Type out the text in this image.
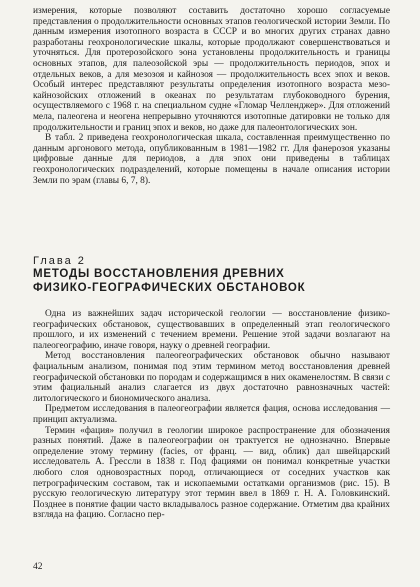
измерения, которые позволяют составить достаточно хорошо согласуемые представления о продолжительности основных этапов геологической истории Земли. По данным измерения изотопного возраста в СССР и во многих других странах давно разработаны геохронологические шкалы, которые продолжают совершенствоваться и уточняться. Для протерозойского эона установлены продолжительность и границы основных этапов, для палеозойской эры — продолжительность периодов, эпох и отдельных веков, а для мезозоя и кайнозоя — продолжительность всех эпох и веков. Особый интерес представляют результаты определения изотопного возраста мезо-кайнозойских отложений в океанах по результатам глубоководного бурения, осуществляемого с 1968 г. на специальном судне «Гломар Челленджер». Для отложений мела, палеогена и неогена непрерывно уточняются изотопные датировки не только для продолжительности и границ эпох и веков, но даже для палеонтологических зон.

В табл. 2 приведена геохронологическая шкала, составленная преимущественно по данным аргонового метода, опубликованным в 1981—1982 гг. Для фанерозоя указаны цифровые данные для периодов, а для эпох они приведены в таблицах геохронологических подразделений, которые помещены в начале описания истории Земли по эрам (главы 6, 7, 8).

Глава 2
МЕТОДЫ ВОССТАНОВЛЕНИЯ ДРЕВНИХ
ФИЗИКО-ГЕОГРАФИЧЕСКИХ ОБСТАНОВОК

Одна из важнейших задач исторической геологии — восстановление физико-географических обстановок, существовавших в определенный этап геологического прошлого, и их изменений с течением времени. Решение этой задачи возлагают на палеогеографию, иначе говоря, науку о древней географии.

Метод восстановления палеогеографических обстановок обычно называют фациальным анализом, понимая под этим термином метод восстановления древней географической обстановки по породам и содержащимся в них окаменелостям. В связи с этим фациальный анализ слагается из двух достаточно равнозначных частей: литологического и биономического анализа.

Предметом исследования в палеогеографии является фация, основа исследования — принцип актуализма.

Термин «фация» получил в геологии широкое распространение для обозначения разных понятий. Даже в палеогеографии он трактуется не однозначно. Впервые определение этому термину (facies, от франц. — вид, облик) дал швейцарский исследователь А. Грессли в 1838 г. Под фациями он понимал конкретные участки любого слоя одновозрастных пород, отличающиеся от соседних участков как петрографическим составом, так и ископаемыми остатками организмов (рис. 15). В русскую геологическую литературу этот термин ввел в 1869 г. Н. А. Головкинский. Позднее в понятие фации часто вкладывалось разное содержание. Отметим два крайних взгляда на фацию. Согласно пер-

42
